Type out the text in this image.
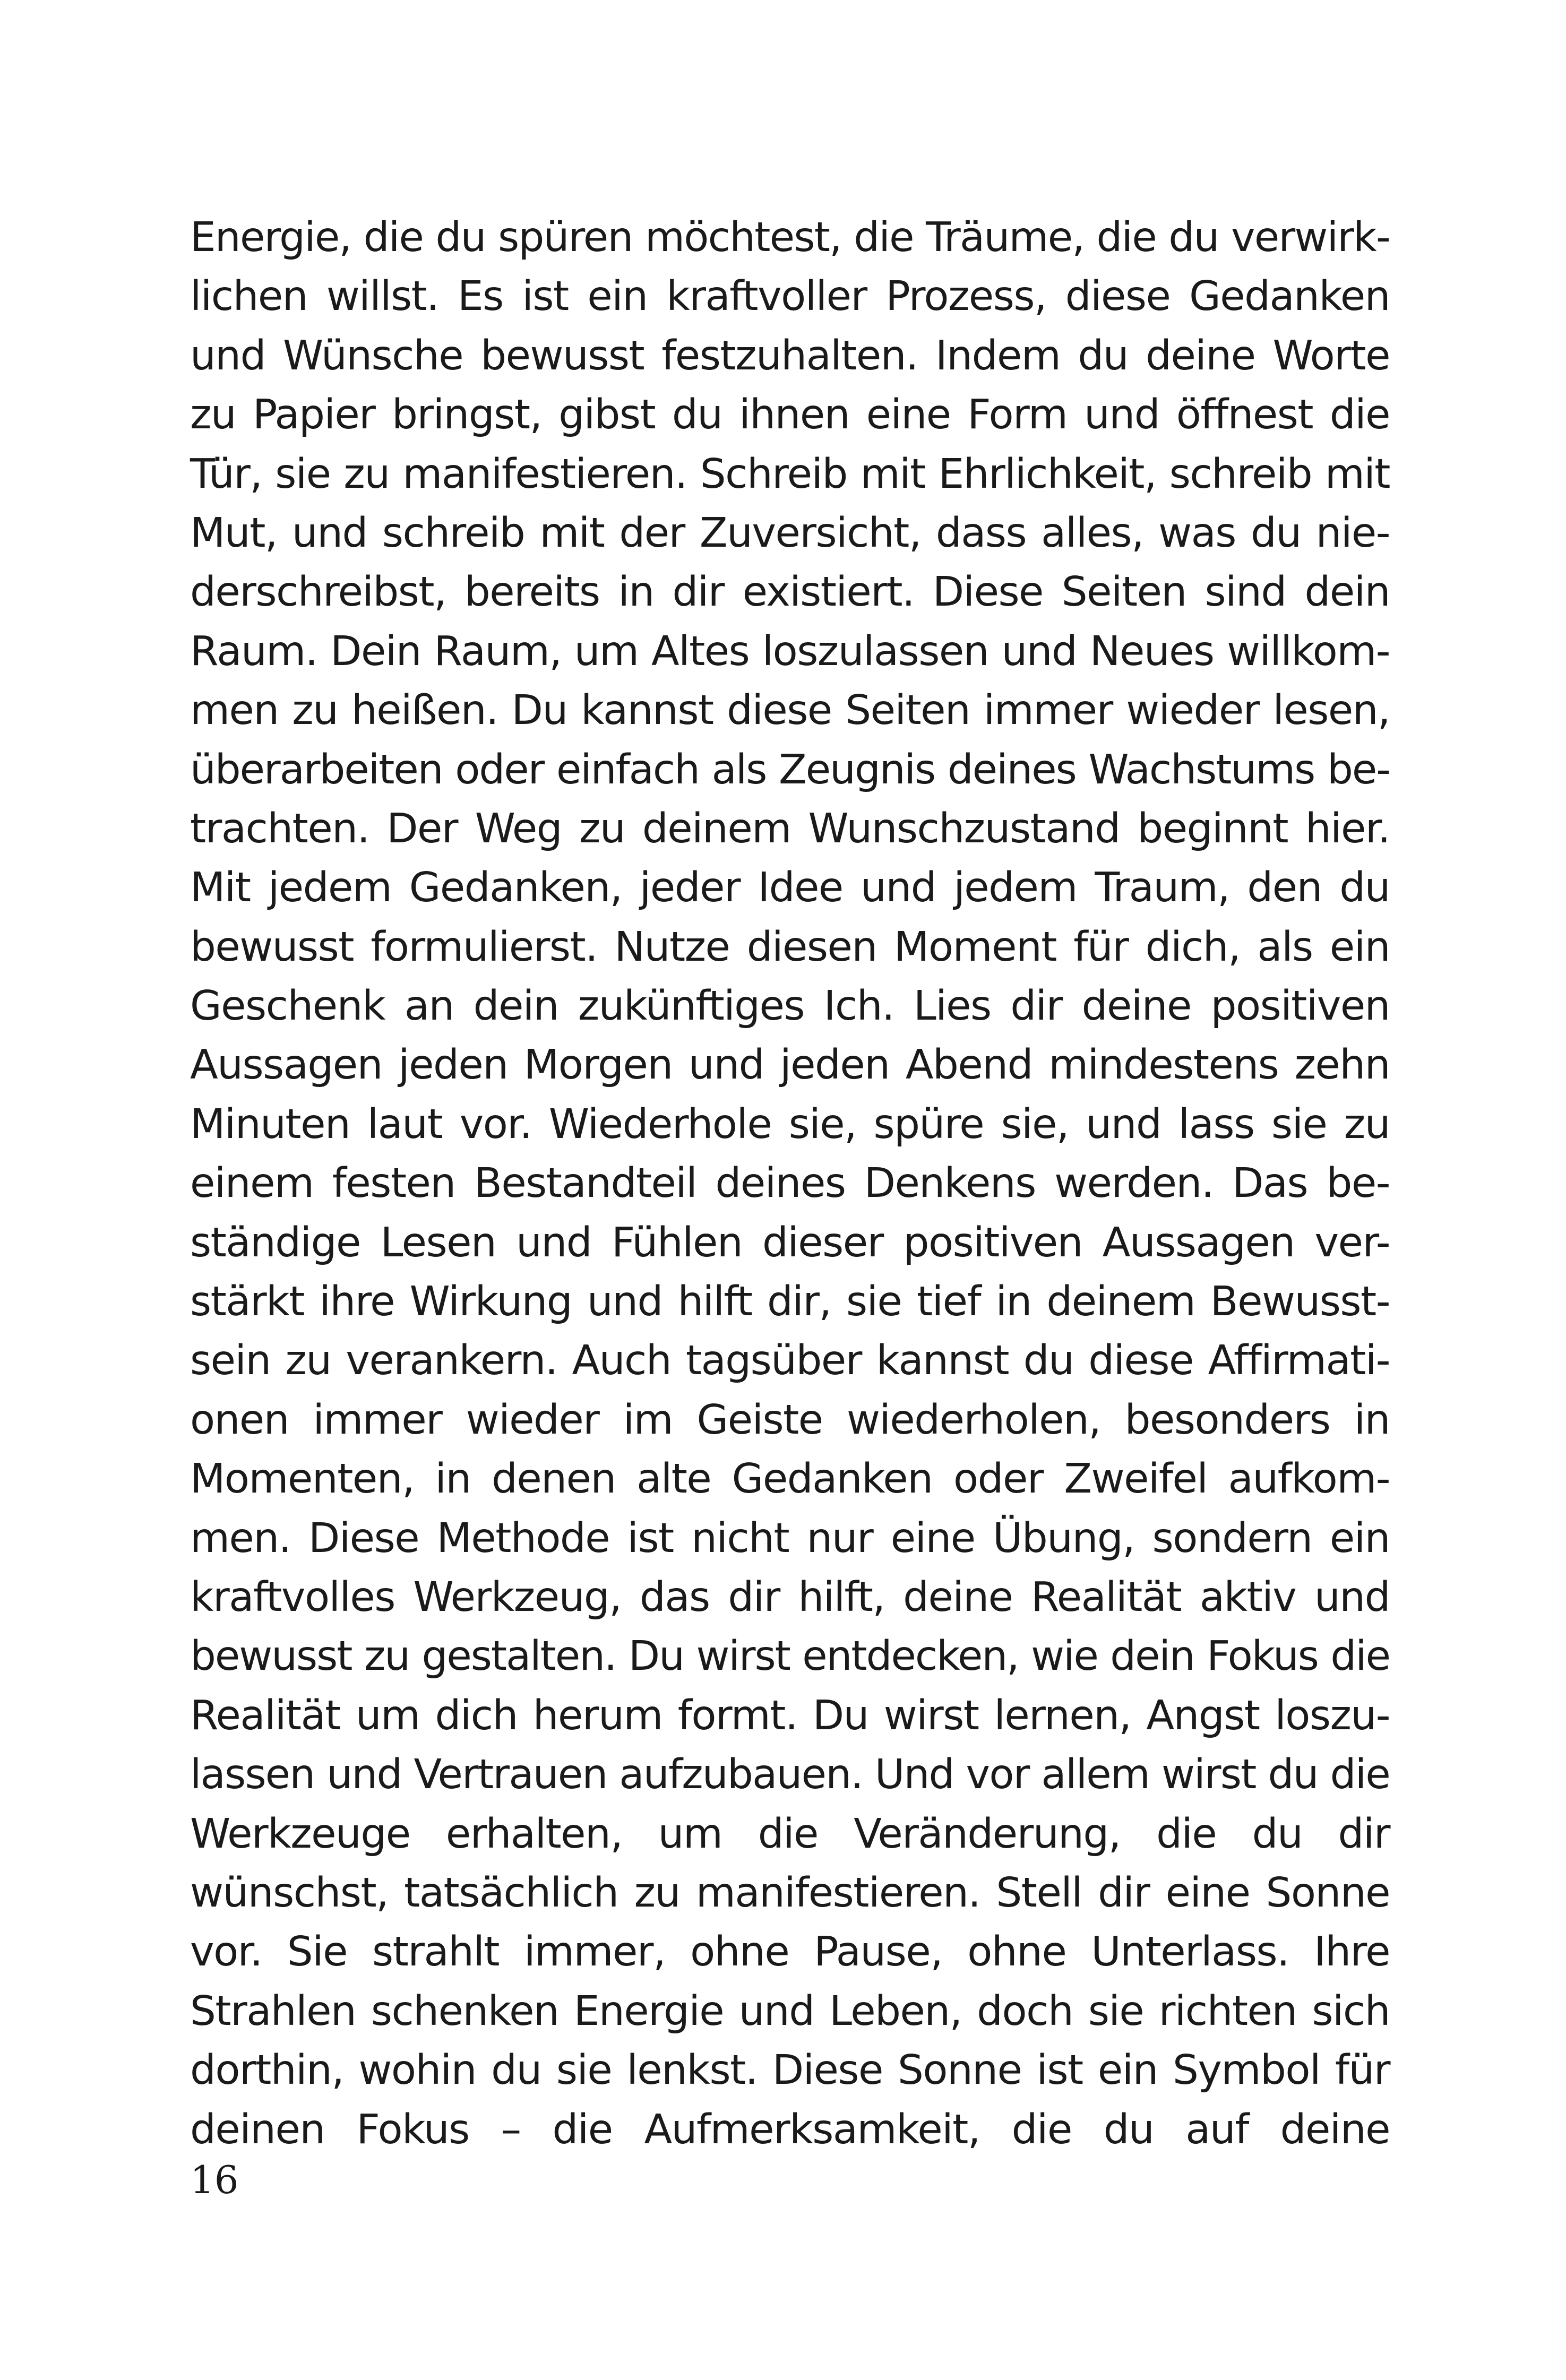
Energie, die du spüren möchtest, die Träume, die du verwirk-
lichen willst. Es ist ein kraftvoller Prozess, diese Gedanken
und Wünsche bewusst festzuhalten. Indem du deine Worte
zu Papier bringst, gibst du ihnen eine Form und öffnest die
Tür, sie zu manifestieren. Schreib mit Ehrlichkeit, schreib mit
Mut, und schreib mit der Zuversicht, dass alles, was du nie-
derschreibst, bereits in dir existiert. Diese Seiten sind dein
Raum. Dein Raum, um Altes loszulassen und Neues willkom-
men zu heißen. Du kannst diese Seiten immer wieder lesen,
überarbeiten oder einfach als Zeugnis deines Wachstums be-
trachten. Der Weg zu deinem Wunschzustand beginnt hier.
Mit jedem Gedanken, jeder Idee und jedem Traum, den du
bewusst formulierst. Nutze diesen Moment für dich, als ein
Geschenk an dein zukünftiges Ich. Lies dir deine positiven
Aussagen jeden Morgen und jeden Abend mindestens zehn
Minuten laut vor. Wiederhole sie, spüre sie, und lass sie zu
einem festen Bestandteil deines Denkens werden. Das be-
ständige Lesen und Fühlen dieser positiven Aussagen ver-
stärkt ihre Wirkung und hilft dir, sie tief in deinem Bewusst-
sein zu verankern. Auch tagsüber kannst du diese Affirmati-
onen immer wieder im Geiste wiederholen, besonders in
Momenten, in denen alte Gedanken oder Zweifel aufkom-
men. Diese Methode ist nicht nur eine Übung, sondern ein
kraftvolles Werkzeug, das dir hilft, deine Realität aktiv und
bewusst zu gestalten. Du wirst entdecken, wie dein Fokus die
Realität um dich herum formt. Du wirst lernen, Angst loszu-
lassen und Vertrauen aufzubauen. Und vor allem wirst du die
Werkzeuge erhalten, um die Veränderung, die du dir
wünschst, tatsächlich zu manifestieren. Stell dir eine Sonne
vor. Sie strahlt immer, ohne Pause, ohne Unterlass. Ihre
Strahlen schenken Energie und Leben, doch sie richten sich
dorthin, wohin du sie lenkst. Diese Sonne ist ein Symbol für
deinen Fokus – die Aufmerksamkeit, die du auf deine
16
